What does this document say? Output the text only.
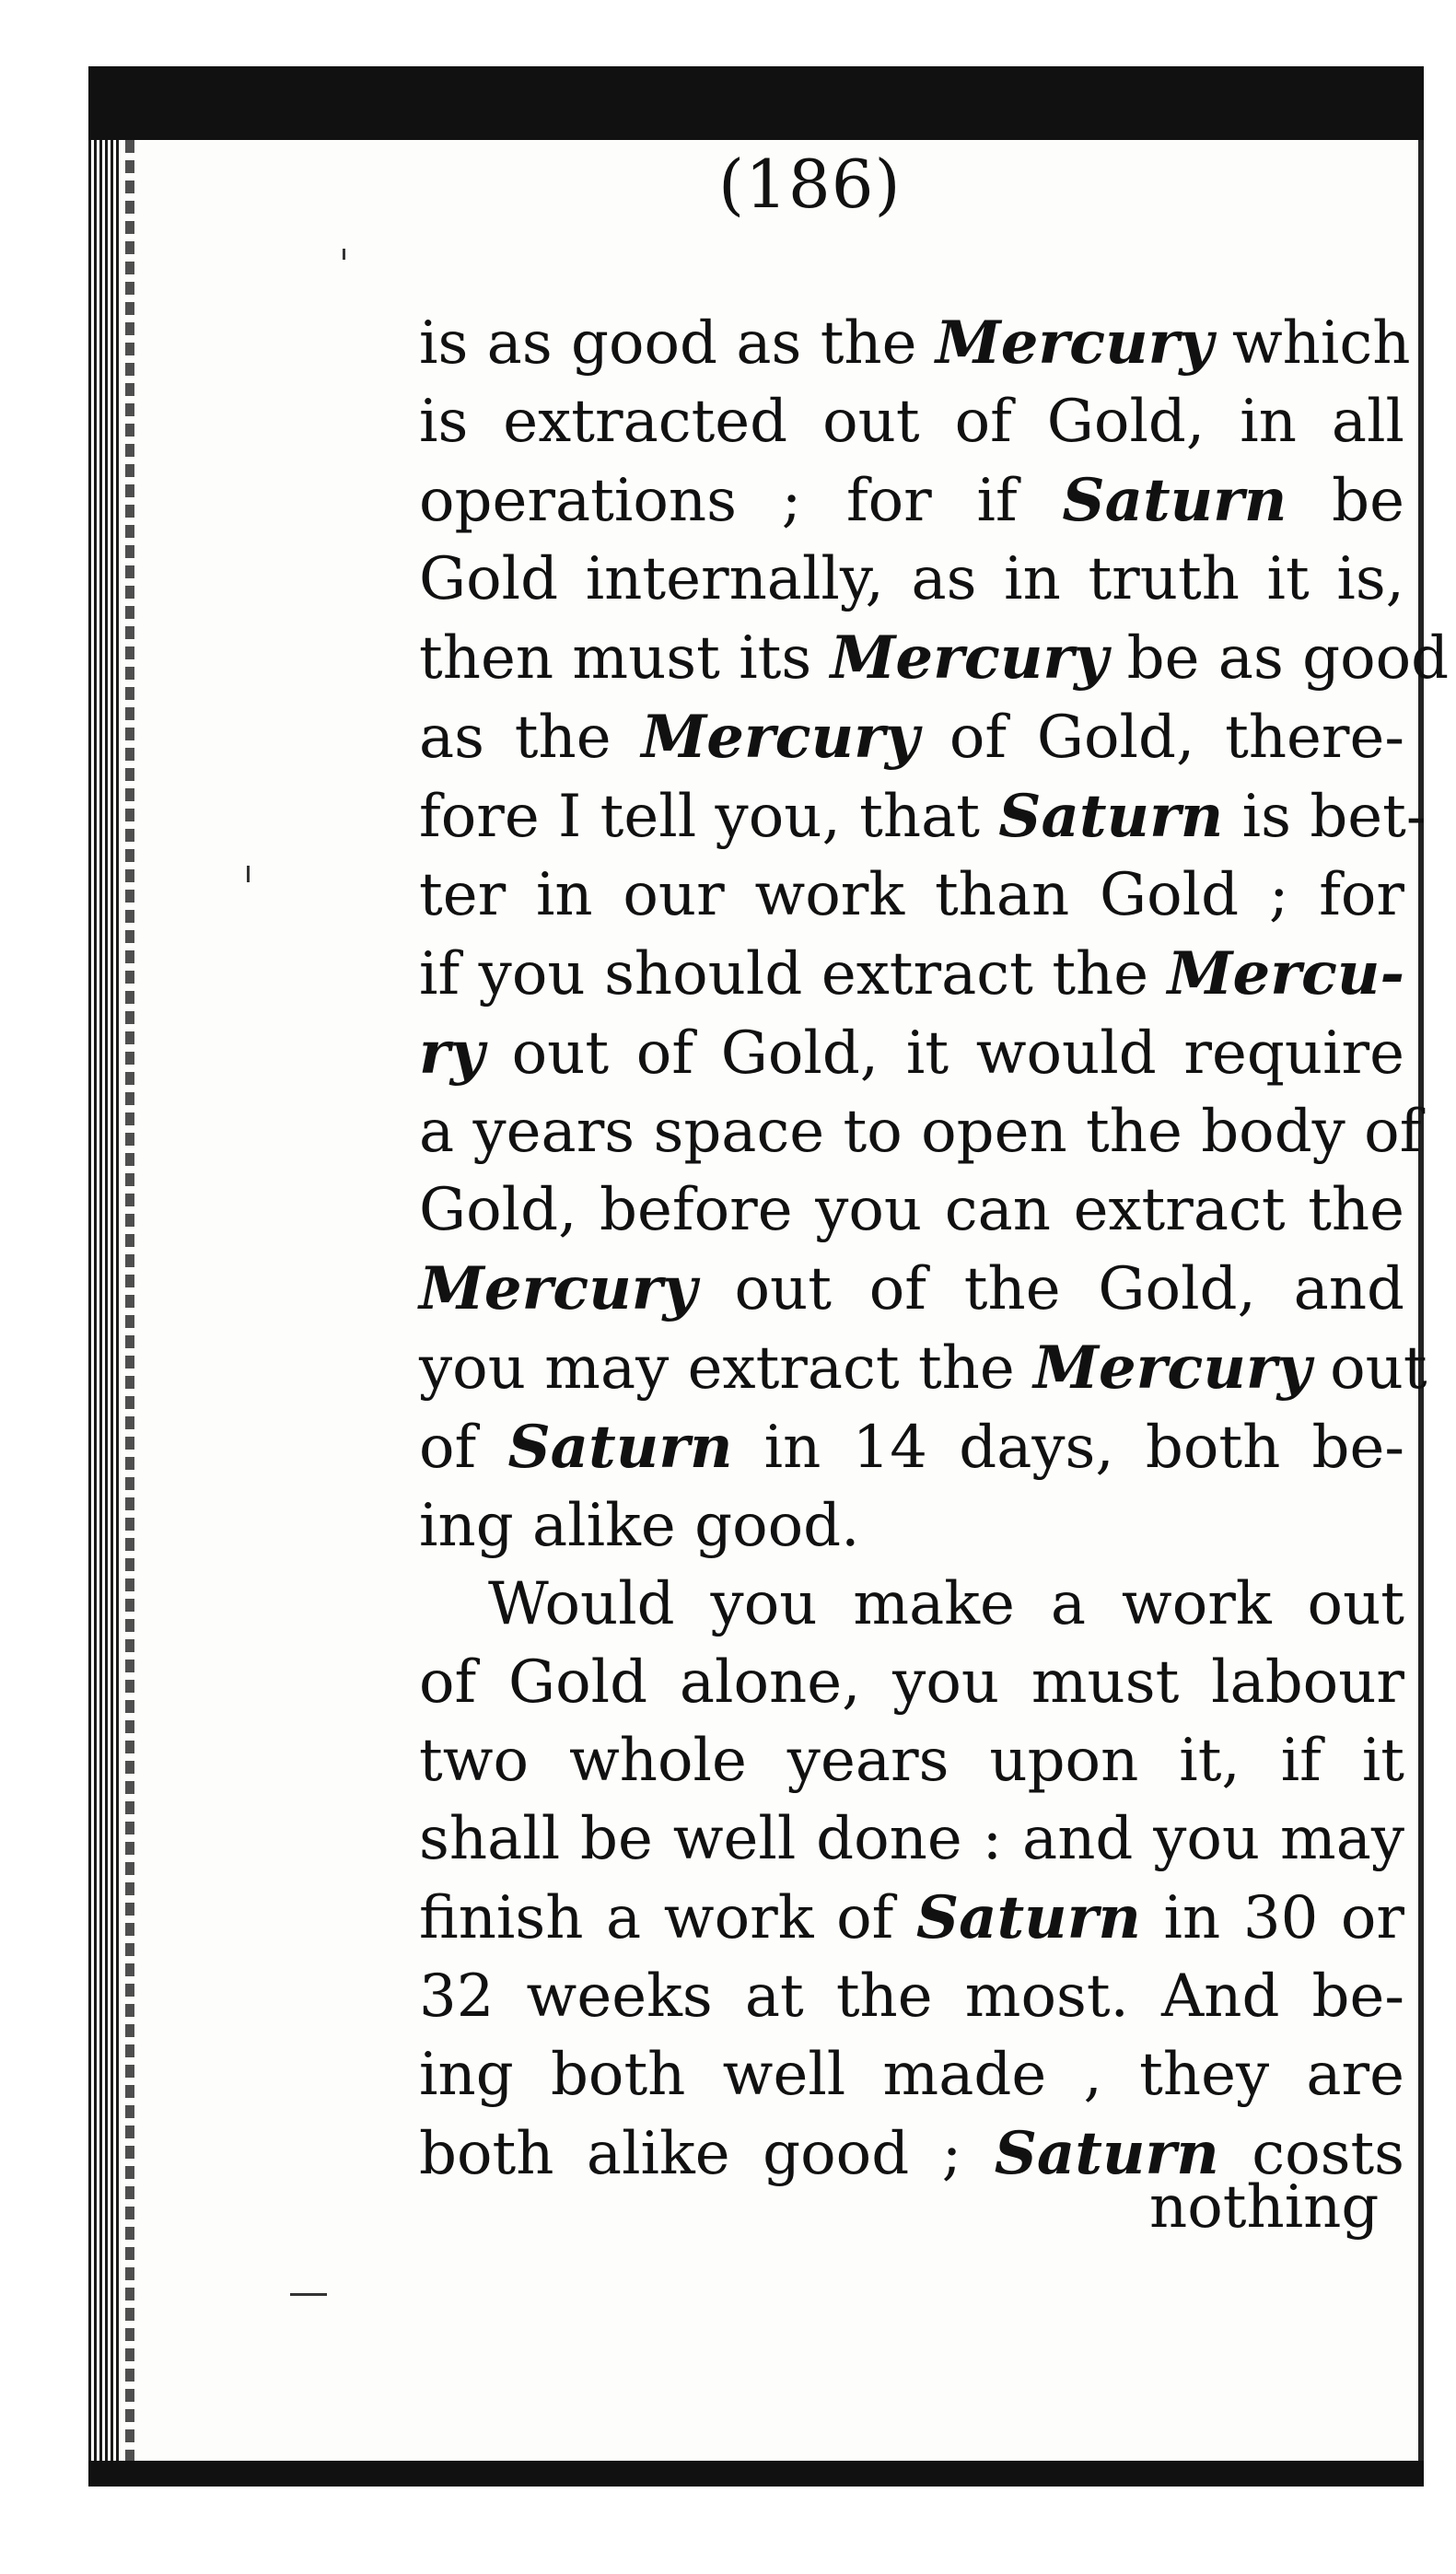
(186)
is as good as the Mercury which
is extracted out of Gold, in all
operations ; for if Saturn be
Gold internally, as in truth it is,
then must its Mercury be as good
as the Mercury of Gold, there-
fore I tell you, that Saturn is bet-
ter in our work than Gold ; for
if you should extract the Mercu-
ry out of Gold, it would require
a years space to open the body of
Gold, before you can extract the
Mercury out of the Gold, and
you may extract the Mercury out
of Saturn in 14 days, both be-
ing alike good.
Would you make a work out
of Gold alone, you must labour
two whole years upon it, if it
shall be well done : and you may
finish a work of Saturn in 30 or
32 weeks at the most. And be-
ing both well made , they are
both alike good ; Saturn costs
nothing
